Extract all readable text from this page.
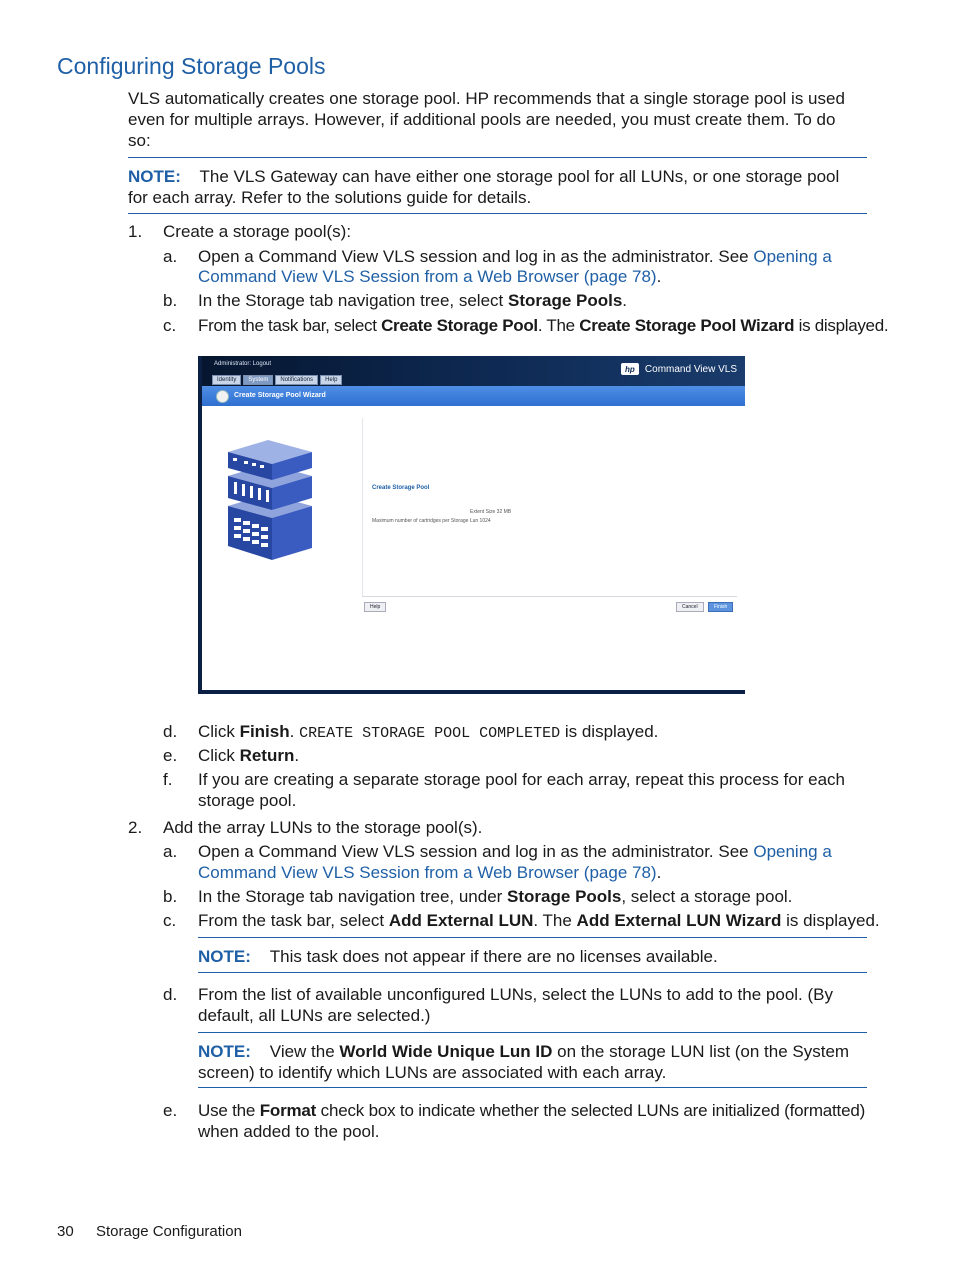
Configuring Storage Pools
VLS automatically creates one storage pool. HP recommends that a single storage pool is used
even for multiple arrays. However, if additional pools are needed, you must create them. To do
so:
NOTE: The VLS Gateway can have either one storage pool for all LUNs, or one storage pool
for each array. Refer to the solutions guide for details.
1. Create a storage pool(s):
a. Open a Command View VLS session and log in as the administrator. See Opening a
Command View VLS Session from a Web Browser (page 78).
b. In the Storage tab navigation tree, select Storage Pools.
c. From the task bar, select Create Storage Pool. The Create Storage Pool Wizard is displayed.
Administrator: Logout
Identity	System	Notifications	Help
hp	Command View VLS
Create Storage Pool Wizard
Create Storage Pool
Extent Size 32 MB
Maximum number of cartridges per Storage Lun 1024
Help	Cancel	Finish
d. Click Finish. CREATE STORAGE POOL COMPLETED is displayed.
e. Click Return.
f. If you are creating a separate storage pool for each array, repeat this process for each
storage pool.
2. Add the array LUNs to the storage pool(s).
a. Open a Command View VLS session and log in as the administrator. See Opening a
Command View VLS Session from a Web Browser (page 78).
b. In the Storage tab navigation tree, under Storage Pools, select a storage pool.
c. From the task bar, select Add External LUN. The Add External LUN Wizard is displayed.
NOTE: This task does not appear if there are no licenses available.
d. From the list of available unconfigured LUNs, select the LUNs to add to the pool. (By
default, all LUNs are selected.)
NOTE: View the World Wide Unique Lun ID on the storage LUN list (on the System
screen) to identify which LUNs are associated with each array.
e. Use the Format check box to indicate whether the selected LUNs are initialized (formatted)
when added to the pool.
30 Storage Configuration
